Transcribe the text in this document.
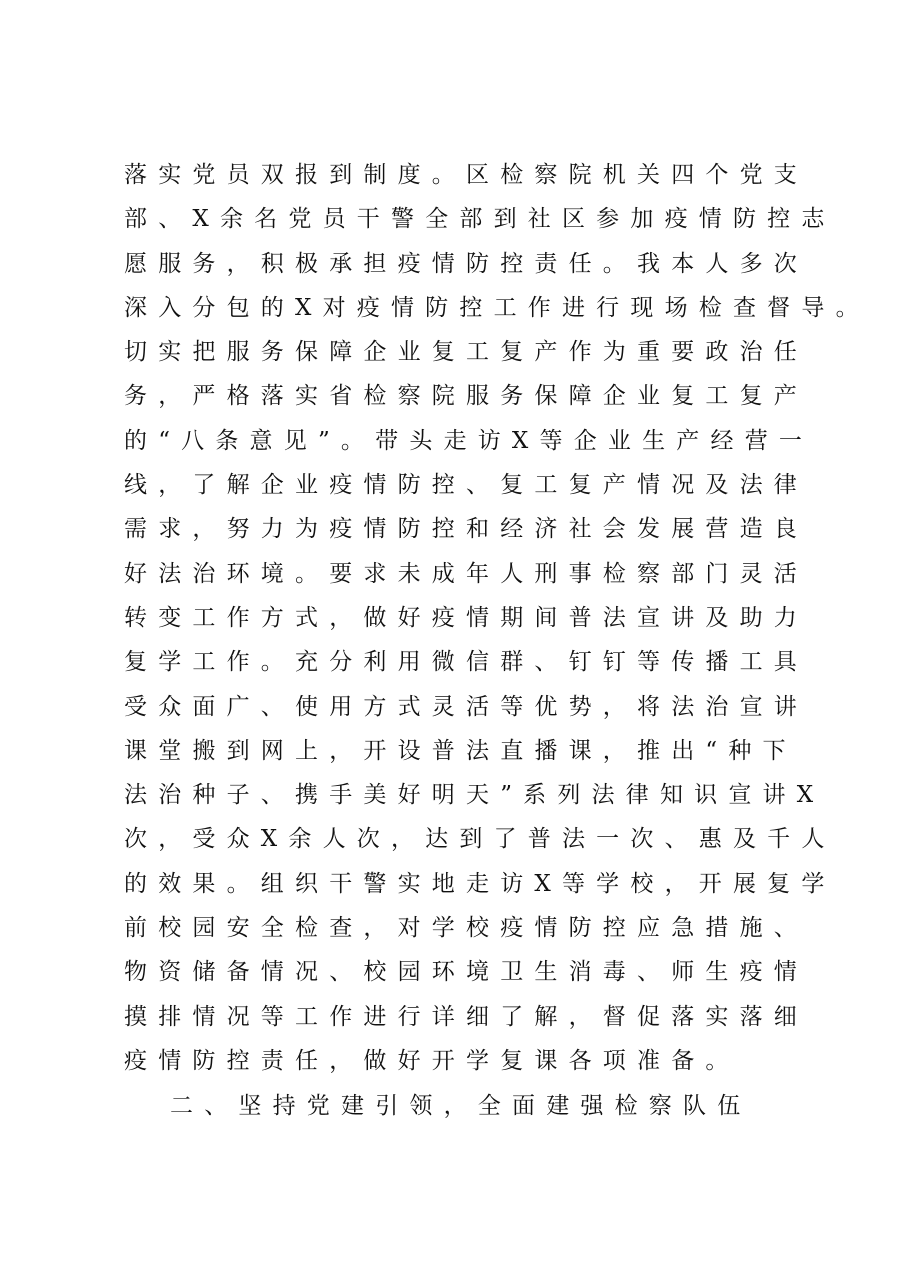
落实党员双报到制度。区检察院机关四个党支
部、X余名党员干警全部到社区参加疫情防控志
愿服务，积极承担疫情防控责任。我本人多次
深入分包的X对疫情防控工作进行现场检查督导。
切实把服务保障企业复工复产作为重要政治任
务，严格落实省检察院服务保障企业复工复产
的“八条意见”。带头走访X等企业生产经营一
线，了解企业疫情防控、复工复产情况及法律
需求，努力为疫情防控和经济社会发展营造良
好法治环境。要求未成年人刑事检察部门灵活
转变工作方式，做好疫情期间普法宣讲及助力
复学工作。充分利用微信群、钉钉等传播工具
受众面广、使用方式灵活等优势，将法治宣讲
课堂搬到网上，开设普法直播课，推出“种下
法治种子、携手美好明天”系列法律知识宣讲X
次，受众X余人次，达到了普法一次、惠及千人
的效果。组织干警实地走访X等学校，开展复学
前校园安全检查，对学校疫情防控应急措施、
物资储备情况、校园环境卫生消毒、师生疫情
摸排情况等工作进行详细了解，督促落实落细
疫情防控责任，做好开学复课各项准备。
二、坚持党建引领，全面建强检察队伍
